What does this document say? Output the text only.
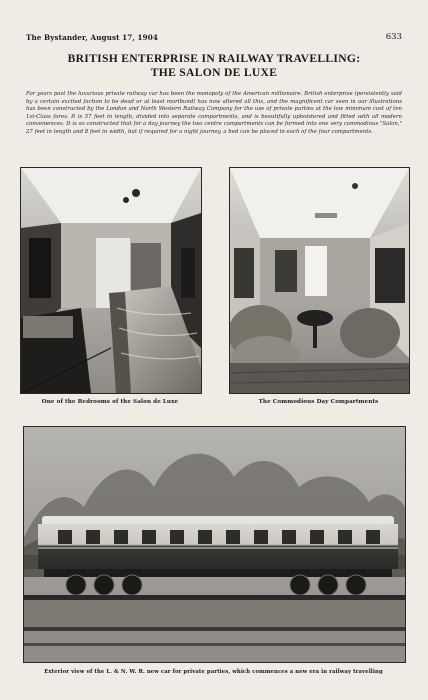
The Bystander, August 17, 1904	633
BRITISH ENTERPRISE IN RAILWAY TRAVELLING:
THE SALON DE LUXE
For years past the luxurious private railway car has been the monopoly of the American millionaire. British enterprise (persistently said by a certain excited faction to be dead or at least moribund) has now altered all this, and the magnificent car seen in our illustrations has been constructed by the London and North Western Railway Company for the use of private parties at the low minimum cost of ten 1st-Class fares. It is 57 feet in length, divided into separate compartments, and is beautifully upholstered and fitted with all modern conveniences. It is so constructed that for a day journey the two centre compartments can be formed into one very commodious "Salon," 27 feet in length and 8 feet in width, but if required for a night journey, a bed can be placed in each of the four compartments.
One of the Bedrooms of the Salon de Luxe	The Commodious Day Compartments
Exterior view of the L. & N. W. R. new car for private parties, which commences a new era in railway travelling
